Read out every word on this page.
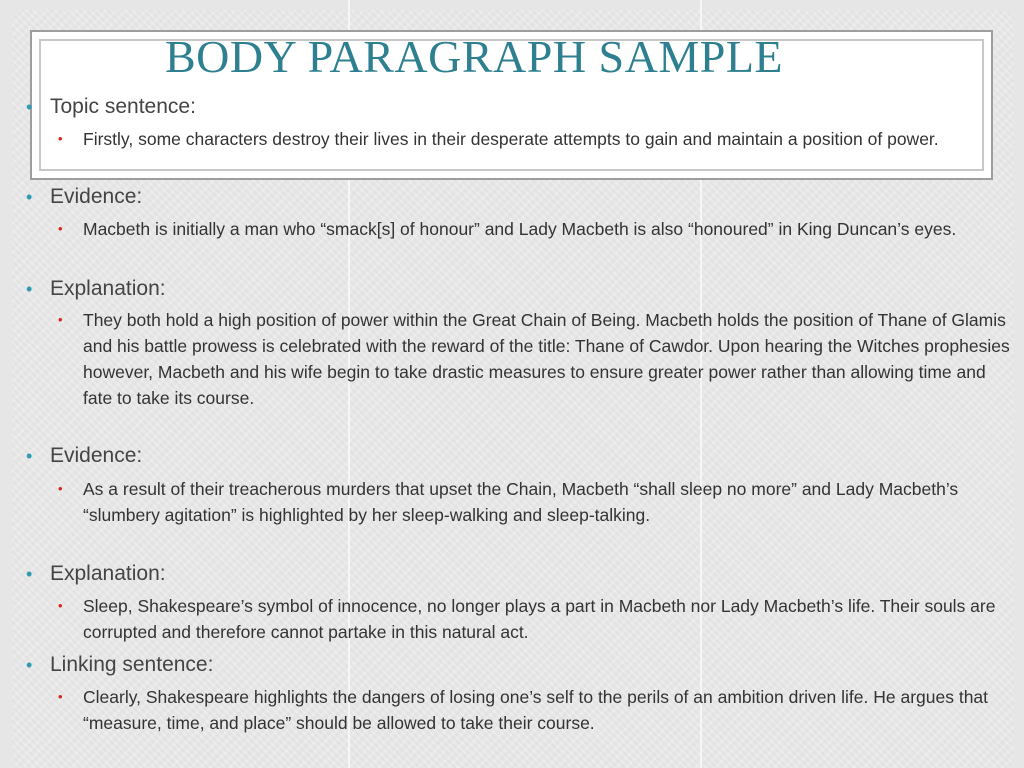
BODY PARAGRAPH SAMPLE
• Topic sentence:
• Firstly, some characters destroy their lives in their desperate attempts to gain and maintain a position of power.
• Evidence:
• Macbeth is initially a man who “smack[s] of honour” and Lady Macbeth is also “honoured” in King Duncan’s eyes.
• Explanation:
• They both hold a high position of power within the Great Chain of Being. Macbeth holds the position of Thane of Glamis and his battle prowess is celebrated with the reward of the title: Thane of Cawdor. Upon hearing the Witches prophesies however, Macbeth and his wife begin to take drastic measures to ensure greater power rather than allowing time and fate to take its course.
• Evidence:
• As a result of their treacherous murders that upset the Chain, Macbeth “shall sleep no more” and Lady Macbeth’s “slumbery agitation” is highlighted by her sleep-walking and sleep-talking.
• Explanation:
• Sleep, Shakespeare’s symbol of innocence, no longer plays a part in Macbeth nor Lady Macbeth’s life. Their souls are corrupted and therefore cannot partake in this natural act.
• Linking sentence:
• Clearly, Shakespeare highlights the dangers of losing one’s self to the perils of an ambition driven life. He argues that “measure, time, and place” should be allowed to take their course.
